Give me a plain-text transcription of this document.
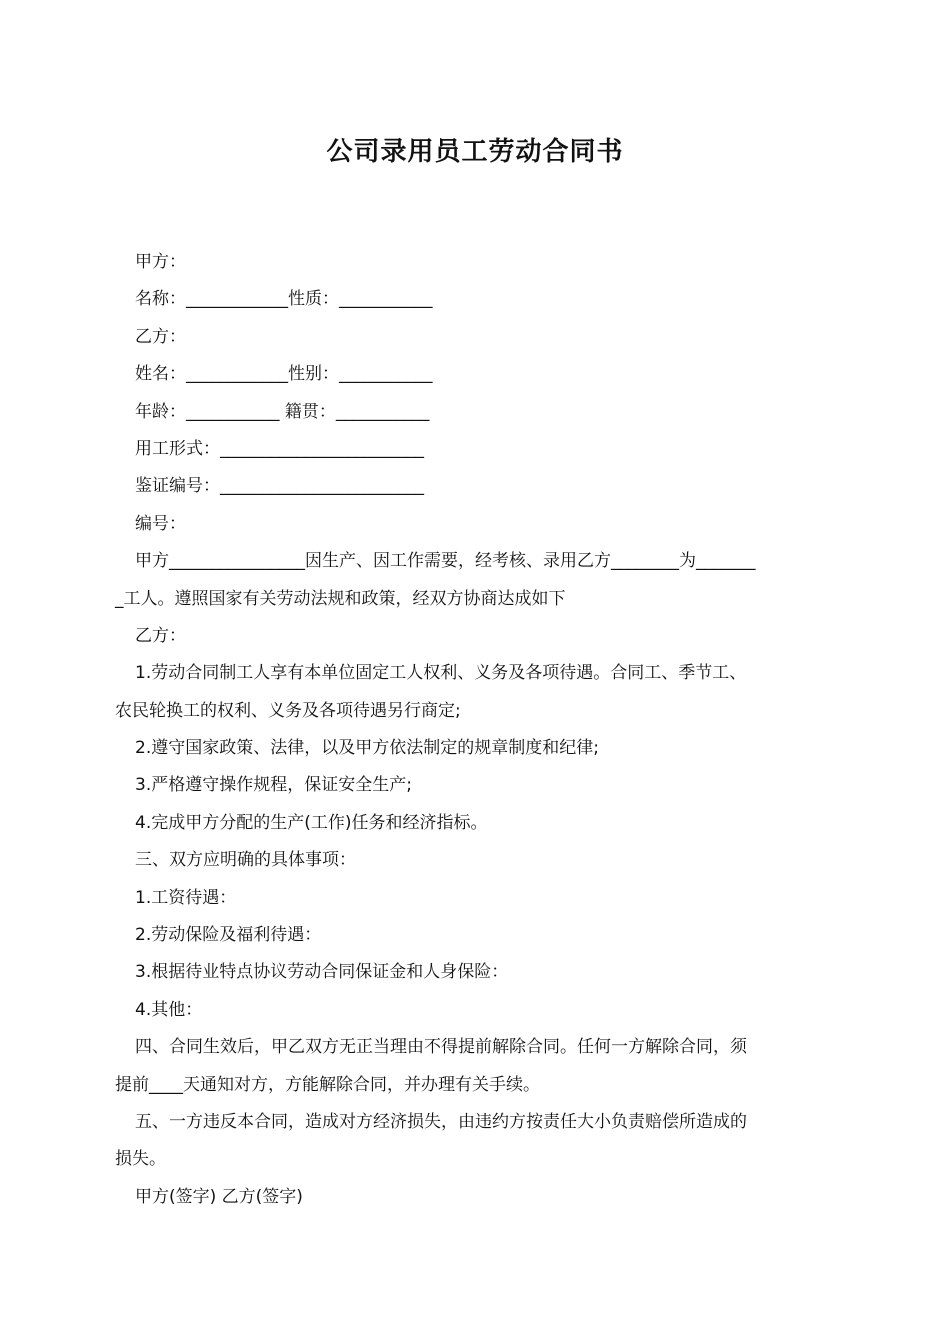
公司录用员工劳动合同书

甲方：

名称：____________性质：___________

乙方：

姓名：____________性别：___________

年龄：___________ 籍贯：___________

用工形式：________________________

鉴证编号：________________________

编号：

甲方________________因生产、因工作需要，经考核、录用乙方________为_______

_工人。遵照国家有关劳动法规和政策，经双方协商达成如下

乙方：

1.劳动合同制工人享有本单位固定工人权利、义务及各项待遇。合同工、季节工、

农民轮换工的权利、义务及各项待遇另行商定;

2.遵守国家政策、法律，以及甲方依法制定的规章制度和纪律;

3.严格遵守操作规程，保证安全生产;

4.完成甲方分配的生产(工作)任务和经济指标。

三、双方应明确的具体事项：

1.工资待遇：

2.劳动保险及福利待遇：

3.根据待业特点协议劳动合同保证金和人身保险：

4.其他：

四、合同生效后，甲乙双方无正当理由不得提前解除合同。任何一方解除合同，须

提前____天通知对方，方能解除合同，并办理有关手续。

五、一方违反本合同，造成对方经济损失，由违约方按责任大小负责赔偿所造成的

损失。

甲方(签字) 乙方(签字)
